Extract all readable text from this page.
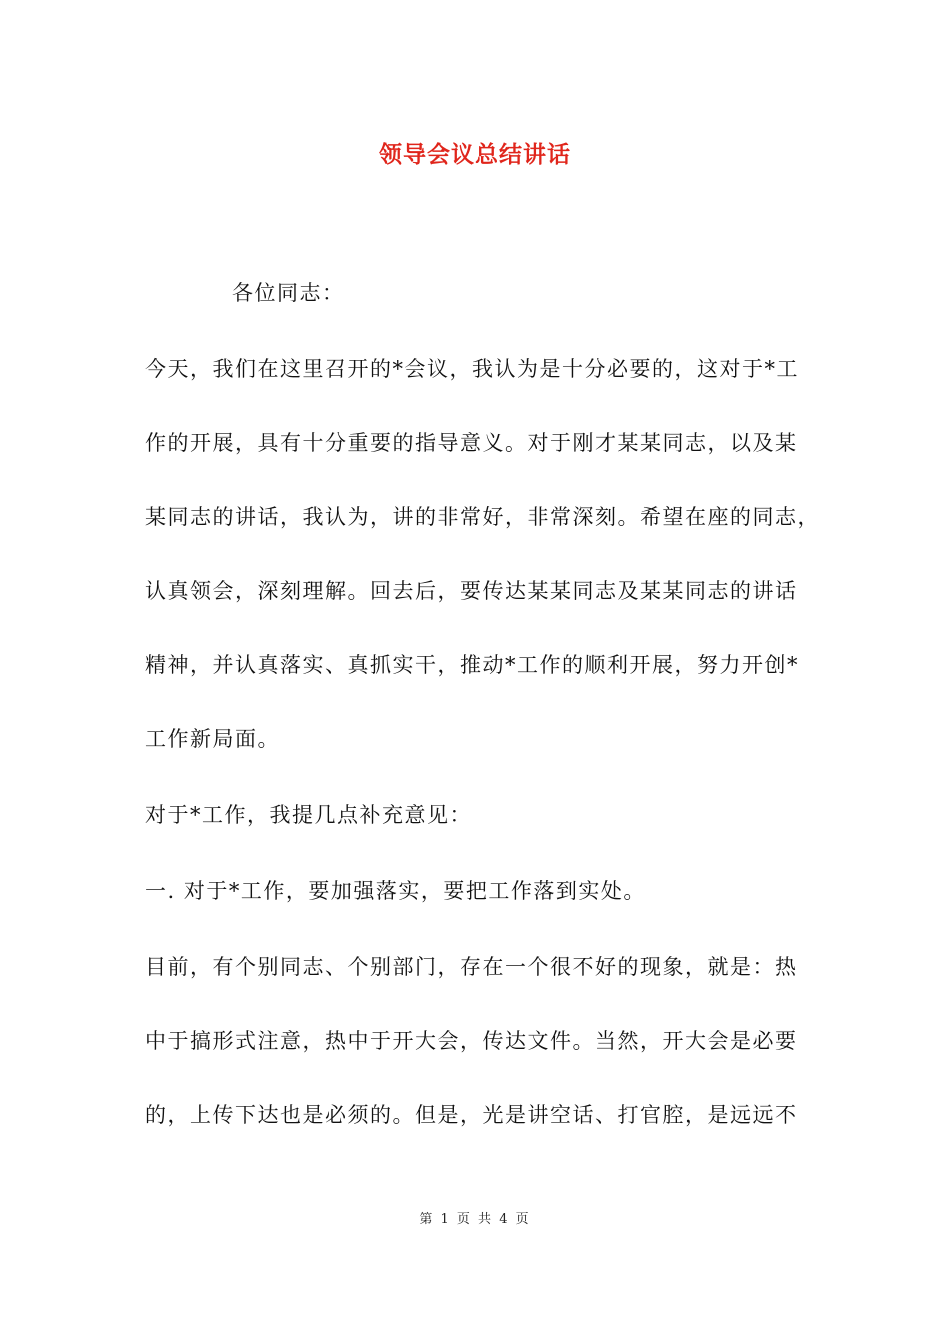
领导会议总结讲话
各位同志：
今天，我们在这里召开的*会议，我认为是十分必要的，这对于*工
作的开展，具有十分重要的指导意义。对于刚才某某同志，以及某
某同志的讲话，我认为，讲的非常好，非常深刻。希望在座的同志，
认真领会，深刻理解。回去后，要传达某某同志及某某同志的讲话
精神，并认真落实、真抓实干，推动*工作的顺利开展，努力开创*
工作新局面。
对于*工作，我提几点补充意见：
一. 对于*工作，要加强落实，要把工作落到实处。
目前，有个别同志、个别部门，存在一个很不好的现象，就是：热
中于搞形式注意，热中于开大会，传达文件。当然，开大会是必要
的，上传下达也是必须的。但是，光是讲空话、打官腔，是远远不
第 1 页 共 4 页
